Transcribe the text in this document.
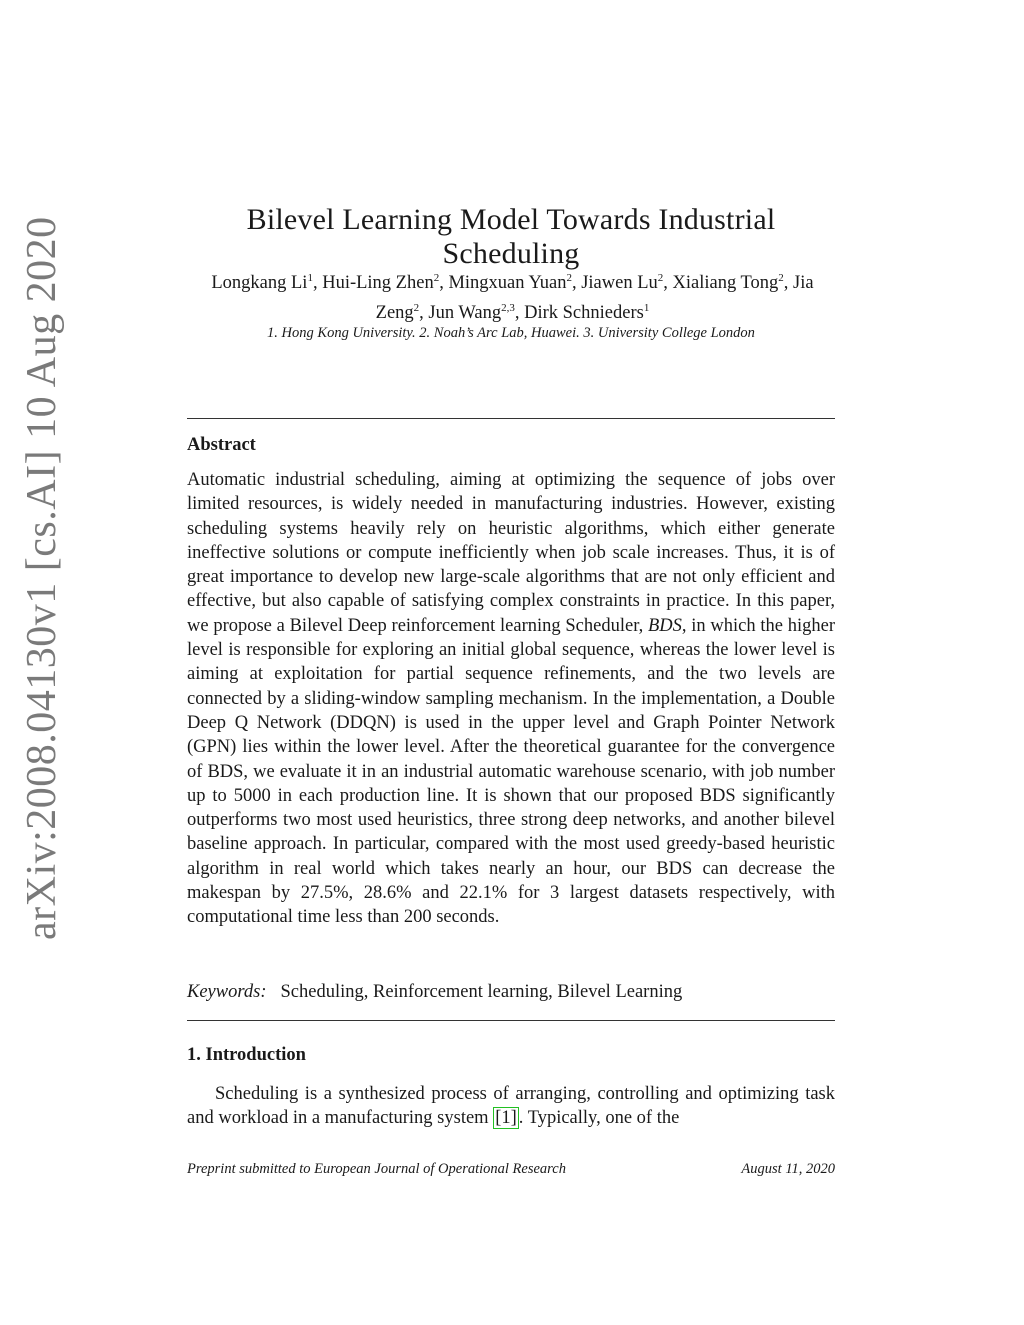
arXiv:2008.04130v1 [cs.AI] 10 Aug 2020	Bilevel Learning Model Towards Industrial Scheduling
Longkang Li$^1$, Hui-Ling Zhen$^2$, Mingxuan Yuan$^2$, Jiawen Lu$^2$, Xialiang Tong$^2$, Jia Zeng$^2$, Jun Wang$^{2,3}$, Dirk Schnieders$^1$
1. Hong Kong University. 2. Noah’s Arc Lab, Huawei. 3. University College London
Abstract

Automatic industrial scheduling, aiming at optimizing the sequence of jobs over limited resources, is widely needed in manufacturing industries. However, existing scheduling systems heavily rely on heuristic algorithms, which either generate ineffective solutions or compute inefficiently when job scale increases. Thus, it is of great importance to develop new large-scale algorithms that are not only efficient and effective, but also capable of satisfying complex constraints in practice. In this paper, we propose a Bilevel Deep reinforcement learning Scheduler, BDS, in which the higher level is responsible for exploring an initial global sequence, whereas the lower level is aiming at exploitation for partial sequence refinements, and the two levels are connected by a sliding-window sampling mechanism. In the implementation, a Double Deep Q Network (DDQN) is used in the upper level and Graph Pointer Network (GPN) lies within the lower level. After the theoretical guarantee for the convergence of BDS, we evaluate it in an industrial automatic warehouse scenario, with job number up to 5000 in each production line. It is shown that our proposed BDS significantly outperforms two most used heuristics, three strong deep networks, and another bilevel baseline approach. In particular, compared with the most used greedy-based heuristic algorithm in real world which takes nearly an hour, our BDS can decrease the makespan by 27.5%, 28.6% and 22.1% for 3 largest datasets respectively, with computational time less than 200 seconds.

Keywords: Scheduling, Reinforcement learning, Bilevel Learning
1. Introduction

Scheduling is a synthesized process of arranging, controlling and optimizing task and workload in a manufacturing system [1] . Typically, one of the

Preprint submitted to European Journal of Operational Research	August 11, 2020
